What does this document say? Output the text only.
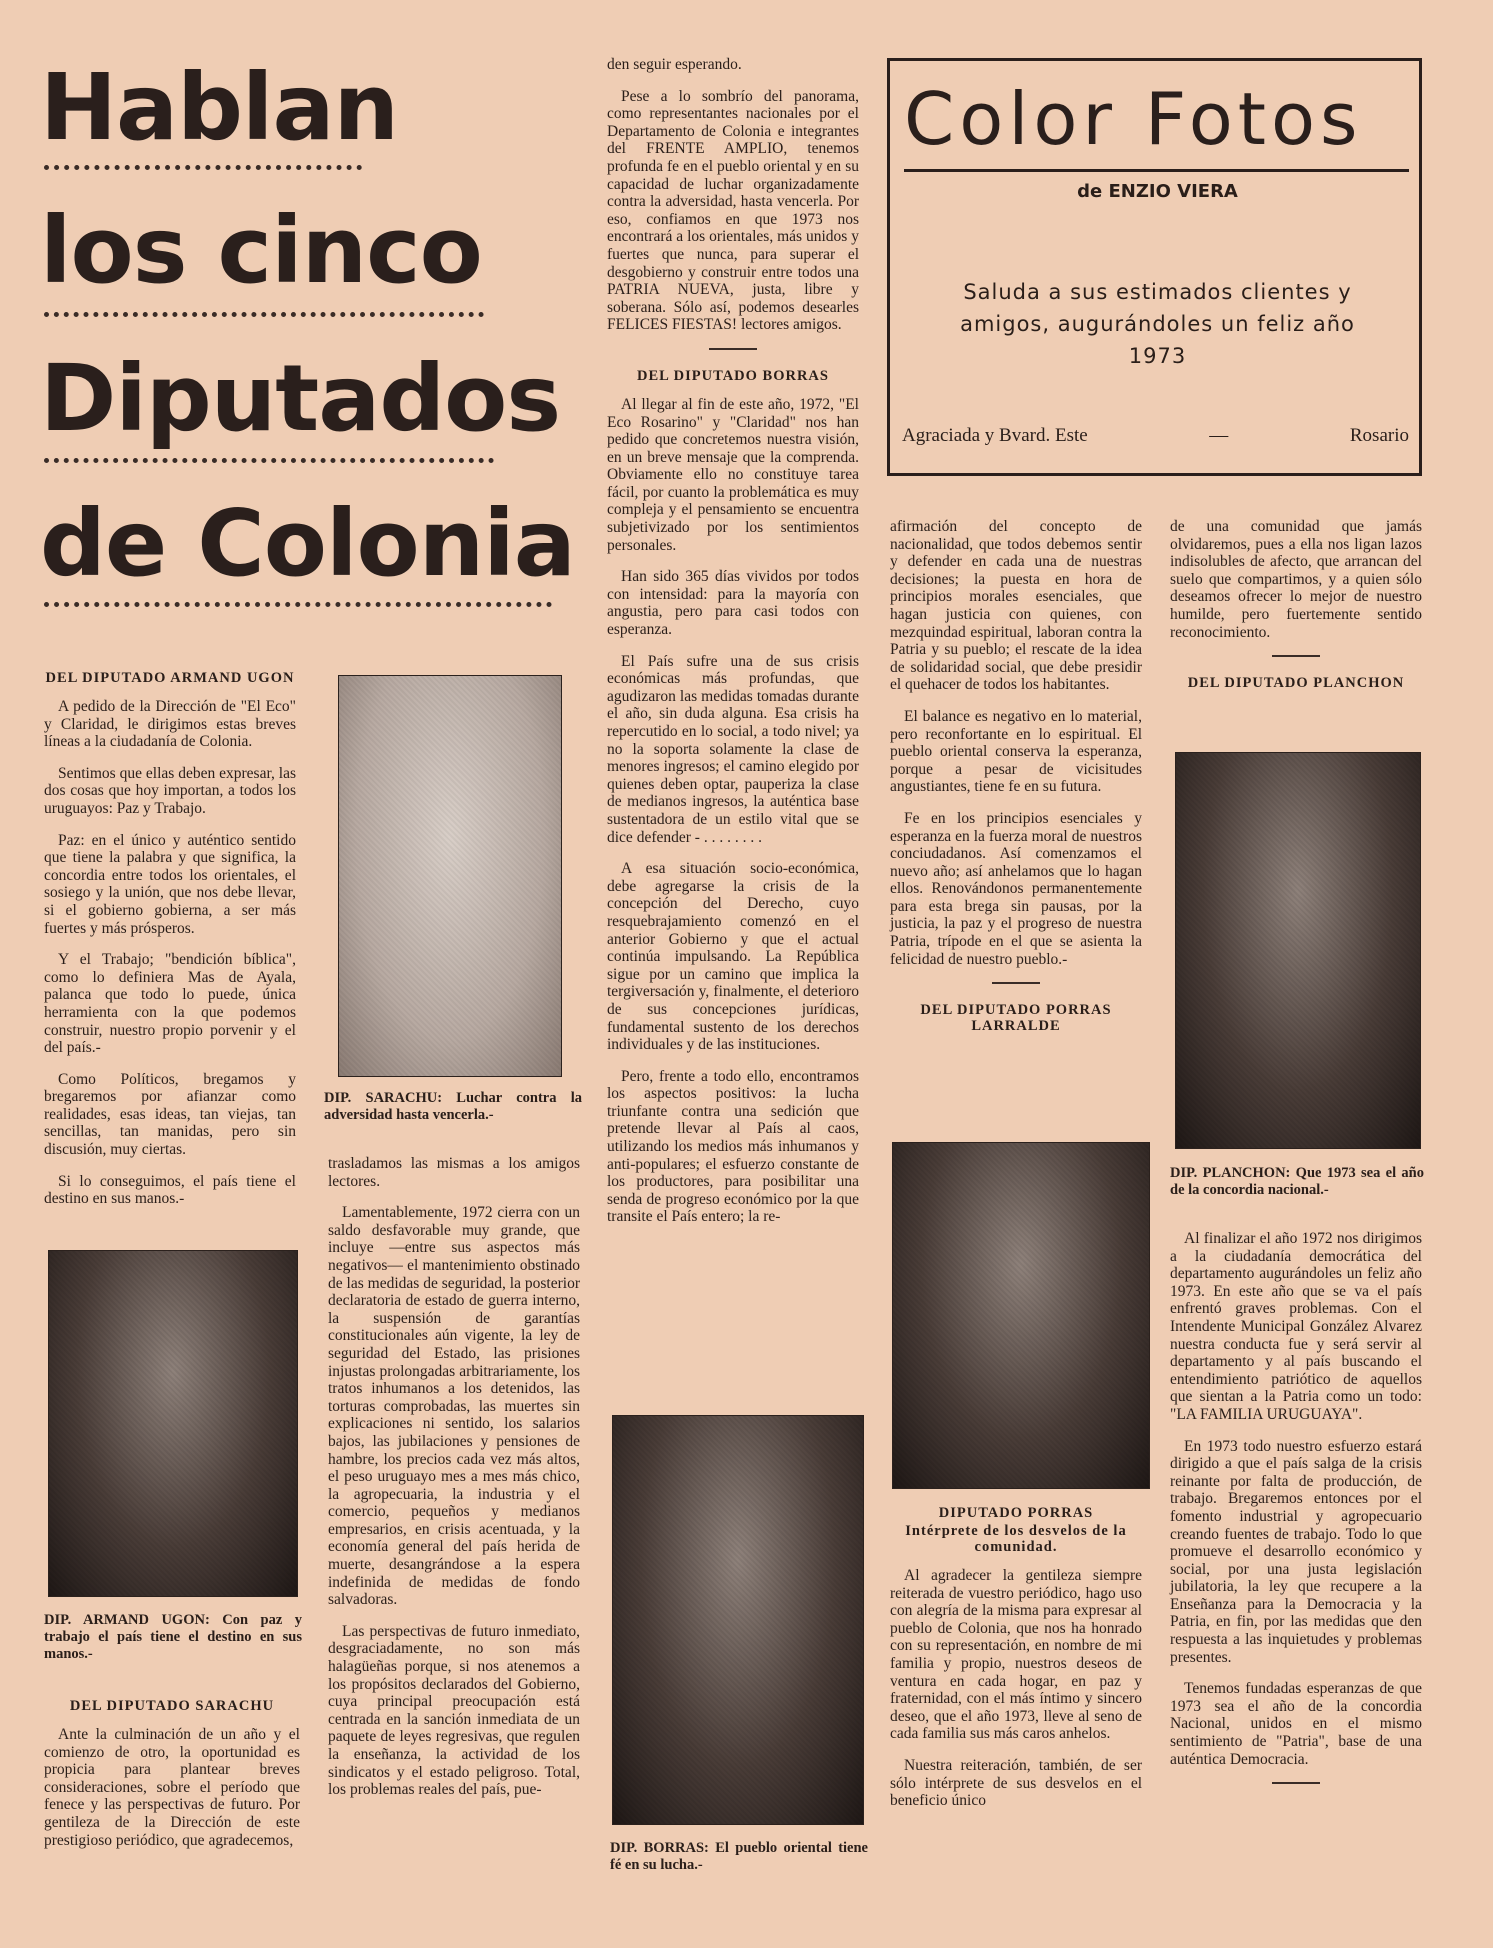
Hablan
los cinco
Diputados
de Colonia
Color Fotos
de ENZIO VIERA
Saluda a sus estimados clientes y amigos, augurándoles un feliz año 1973
Agraciada y Bvard. Este	—	Rosario
DEL DIPUTADO ARMAND UGON

A pedido de la Dirección de "El Eco" y Claridad, le dirigimos estas breves líneas a la ciudadanía de Colonia.

Sentimos que ellas deben expresar, las dos cosas que hoy importan, a todos los uruguayos: Paz y Trabajo.

Paz: en el único y auténtico sentido que tiene la palabra y que significa, la concordia entre todos los orientales, el sosiego y la unión, que nos debe llevar, si el gobierno gobierna, a ser más fuertes y más prósperos.

Y el Trabajo; "bendición bíblica", como lo definiera Mas de Ayala, palanca que todo lo puede, única herramienta con la que podemos construir, nuestro propio porvenir y el del país.-

Como Políticos, bregamos y bregaremos por afianzar como realidades, esas ideas, tan viejas, tan sencillas, tan manidas, pero sin discusión, muy ciertas.

Si lo conseguimos, el país tiene el destino en sus manos.-

DIP. ARMAND UGON: Con paz y trabajo el país tiene el destino en sus manos.-
DEL DIPUTADO SARACHU

Ante la culminación de un año y el comienzo de otro, la oportunidad es propicia para plantear breves consideraciones, sobre el período que fenece y las perspectivas de futuro. Por gentileza de la Dirección de este prestigioso periódico, que agradecemos,

DIP. SARACHU: Luchar contra la adversidad hasta vencerla.-

trasladamos las mismas a los amigos lectores.

Lamentablemente, 1972 cierra con un saldo desfavorable muy grande, que incluye —entre sus aspectos más negativos— el mantenimiento obstinado de las medidas de seguridad, la posterior declaratoria de estado de guerra interno, la suspensión de garantías constitucionales aún vigente, la ley de seguridad del Estado, las prisiones injustas prolongadas arbitrariamente, los tratos inhumanos a los detenidos, las torturas comprobadas, las muertes sin explicaciones ni sentido, los salarios bajos, las jubilaciones y pensiones de hambre, los precios cada vez más altos, el peso uruguayo mes a mes más chico, la agropecuaria, la industria y el comercio, pequeños y medianos empresarios, en crisis acentuada, y la economía general del país herida de muerte, desangrándose a la espera indefinida de medidas de fondo salvadoras.

Las perspectivas de futuro inmediato, desgraciadamente, no son más halagüeñas porque, si nos atenemos a los propósitos declarados del Gobierno, cuya principal preocupación está centrada en la sanción inmediata de un paquete de leyes regresivas, que regulen la enseñanza, la actividad de los sindicatos y el estado peligroso. Total, los problemas reales del país, pue-

den seguir esperando.

Pese a lo sombrío del panorama, como representantes nacionales por el Departamento de Colonia e integrantes del FRENTE AMPLIO, tenemos profunda fe en el pueblo oriental y en su capacidad de luchar organizadamente contra la adversidad, hasta vencerla. Por eso, confiamos en que 1973 nos encontrará a los orientales, más unidos y fuertes que nunca, para superar el desgobierno y construir entre todos una PATRIA NUEVA, justa, libre y soberana. Sólo así, podemos desearles FELICES FIESTAS! lectores amigos.

DEL DIPUTADO BORRAS

Al llegar al fin de este año, 1972, "El Eco Rosarino" y "Claridad" nos han pedido que concretemos nuestra visión, en un breve mensaje que la comprenda. Obviamente ello no constituye tarea fácil, por cuanto la problemática es muy compleja y el pensamiento se encuentra subjetivizado por los sentimientos personales.

Han sido 365 días vividos por todos con intensidad: para la mayoría con angustia, pero para casi todos con esperanza.

El País sufre una de sus crisis económicas más profundas, que agudizaron las medidas tomadas durante el año, sin duda alguna. Esa crisis ha repercutido en lo social, a todo nivel; ya no la soporta solamente la clase de menores ingresos; el camino elegido por quienes deben optar, pauperiza la clase de medianos ingresos, la auténtica base sustentadora de un estilo vital que se dice defender - . . . . . . . .

A esa situación socio-económica, debe agregarse la crisis de la concepción del Derecho, cuyo resquebrajamiento comenzó en el anterior Gobierno y que el actual continúa impulsando. La República sigue por un camino que implica la tergiversación y, finalmente, el deterioro de sus concepciones jurídicas, fundamental sustento de los derechos individuales y de las instituciones.

Pero, frente a todo ello, encontramos los aspectos positivos: la lucha triunfante contra una sedición que pretende llevar al País al caos, utilizando los medios más inhumanos y anti-populares; el esfuerzo constante de los productores, para posibilitar una senda de progreso económico por la que transite el País entero; la re-

DIP. BORRAS: El pueblo oriental tiene fé en su lucha.-

afirmación del concepto de nacionalidad, que todos debemos sentir y defender en cada una de nuestras decisiones; la puesta en hora de principios morales esenciales, que hagan justicia con quienes, con mezquindad espiritual, laboran contra la Patria y su pueblo; el rescate de la idea de solidaridad social, que debe presidir el quehacer de todos los habitantes.

El balance es negativo en lo material, pero reconfortante en lo espiritual. El pueblo oriental conserva la esperanza, porque a pesar de vicisitudes angustiantes, tiene fe en su futura.

Fe en los principios esenciales y esperanza en la fuerza moral de nuestros conciudadanos. Así comenzamos el nuevo año; así anhelamos que lo hagan ellos. Renovándonos permanentemente para esta brega sin pausas, por la justicia, la paz y el progreso de nuestra Patria, trípode en el que se asienta la felicidad de nuestro pueblo.-

DEL DIPUTADO PORRAS LARRALDE
DIPUTADO PORRAS
Intérprete de los desvelos de la comunidad.

Al agradecer la gentileza siempre reiterada de vuestro periódico, hago uso con alegría de la misma para expresar al pueblo de Colonia, que nos ha honrado con su representación, en nombre de mi familia y propio, nuestros deseos de ventura en cada hogar, en paz y fraternidad, con el más íntimo y sincero deseo, que el año 1973, lleve al seno de cada familia sus más caros anhelos.

Nuestra reiteración, también, de ser sólo intérprete de sus desvelos en el beneficio único

de una comunidad que jamás olvidaremos, pues a ella nos ligan lazos indisolubles de afecto, que arrancan del suelo que compartimos, y a quien sólo deseamos ofrecer lo mejor de nuestro humilde, pero fuertemente sentido reconocimiento.

DEL DIPUTADO PLANCHON
DIP. PLANCHON: Que 1973 sea el año de la concordia nacional.-

Al finalizar el año 1972 nos dirigimos a la ciudadanía democrática del departamento augurándoles un feliz año 1973. En este año que se va el país enfrentó graves problemas. Con el Intendente Municipal González Alvarez nuestra conducta fue y será servir al departamento y al país buscando el entendimiento patriótico de aquellos que sientan a la Patria como un todo: "LA FAMILIA URUGUAYA".

En 1973 todo nuestro esfuerzo estará dirigido a que el país salga de la crisis reinante por falta de producción, de trabajo. Bregaremos entonces por el fomento industrial y agropecuario creando fuentes de trabajo. Todo lo que promueve el desarrollo económico y social, por una justa legislación jubilatoria, la ley que recupere a la Enseñanza para la Democracia y la Patria, en fin, por las medidas que den respuesta a las inquietudes y problemas presentes.

Tenemos fundadas esperanzas de que 1973 sea el año de la concordia Nacional, unidos en el mismo sentimiento de "Patria", base de una auténtica Democracia.
